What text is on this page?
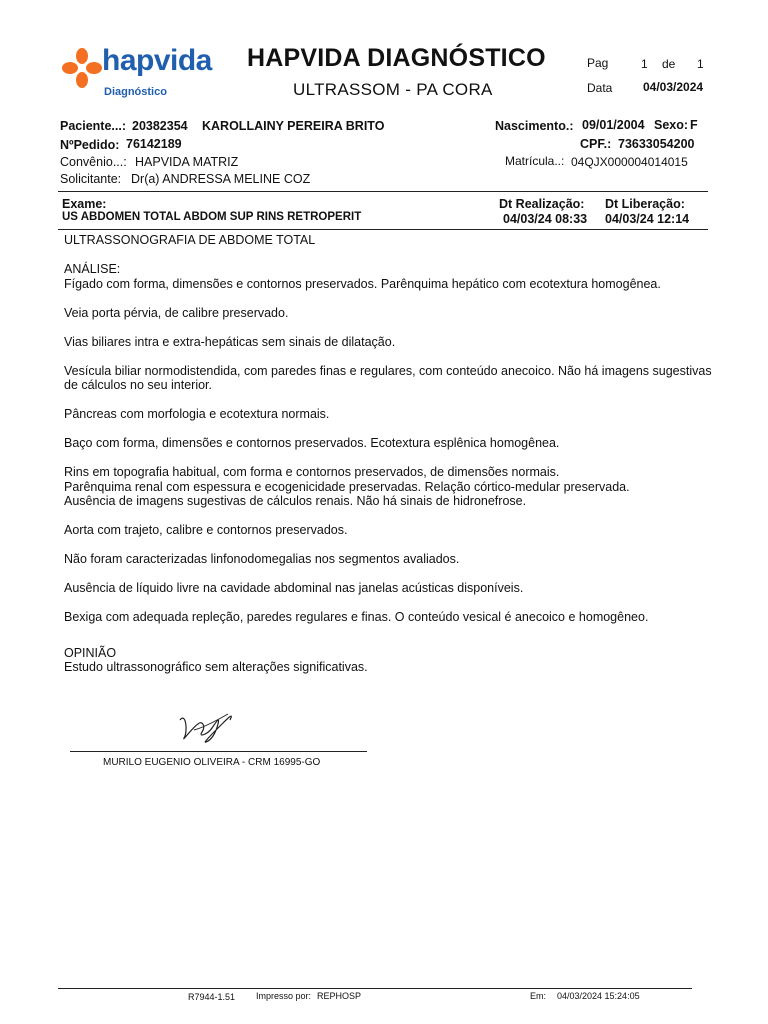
hapvida
Diagnóstico
HAPVIDA DIAGNÓSTICO
ULTRASSOM - PA CORA
Pag	1 de 1
Data	04/03/2024
Paciente...: 20382354 KAROLLAINY PEREIRA BRITO
NºPedido: 76142189
Convênio...: HAPVIDA MATRIZ
Solicitante: Dr(a) ANDRESSA MELINE COZ
Nascimento.: 09/01/2004 Sexo: F
CPF.: 73633054200
Matrícula..: 04QJX000004014015
Exame:
US ABDOMEN TOTAL ABDOM SUP RINS RETROPERIT
Dt Realização:
04/03/24 08:33
Dt Liberação:
04/03/24 12:14

ULTRASSONOGRAFIA DE ABDOME TOTAL

ANÁLISE:

Fígado com forma, dimensões e contornos preservados. Parênquima hepático com ecotextura homogênea.

Veia porta pérvia, de calibre preservado.

Vias biliares intra e extra-hepáticas sem sinais de dilatação.

Vesícula biliar normodistendida, com paredes finas e regulares, com conteúdo anecoico. Não há imagens sugestivas de cálculos no seu interior.

Pâncreas com morfologia e ecotextura normais.

Baço com forma, dimensões e contornos preservados. Ecotextura esplênica homogênea.

Rins em topografia habitual, com forma e contornos preservados, de dimensões normais.

Parênquima renal com espessura e ecogenicidade preservadas. Relação córtico-medular preservada.

Ausência de imagens sugestivas de cálculos renais. Não há sinais de hidronefrose.

Aorta com trajeto, calibre e contornos preservados.

Não foram caracterizadas linfonodomegalias nos segmentos avaliados.

Ausência de líquido livre na cavidade abdominal nas janelas acústicas disponíveis.

Bexiga com adequada repleção, paredes regulares e finas. O conteúdo vesical é anecoico e homogêneo.

OPINIÃO

Estudo ultrassonográfico sem alterações significativas.

MURILO EUGENIO OLIVEIRA - CRM 16995-GO
R7944-1.51 Impresso por: REPHOSP	Em: 04/03/2024 15:24:05
